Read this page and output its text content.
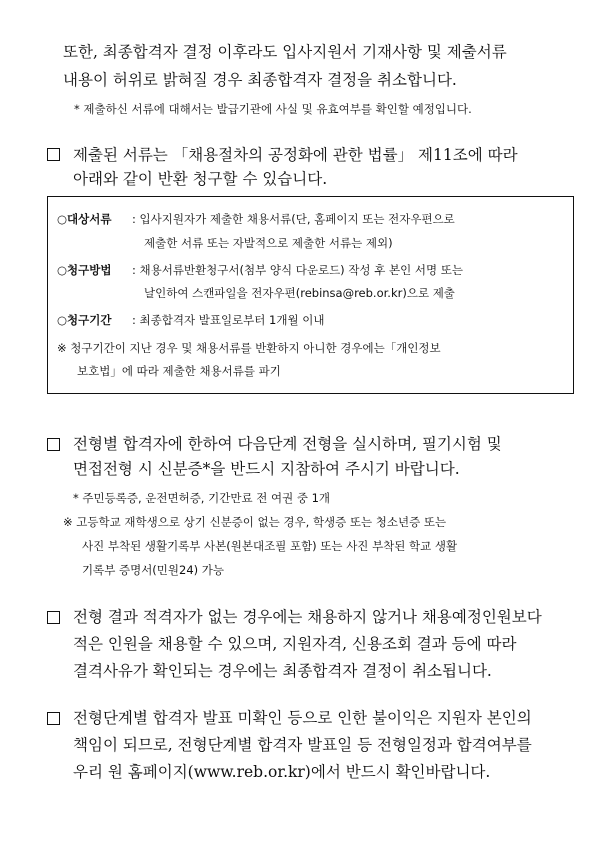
또한, 최종합격자 결정 이후라도 입사지원서 기재사항 및 제출서류
내용이 허위로 밝혀질 경우 최종합격자 결정을 취소합니다.
* 제출하신 서류에 대해서는 발급기관에 사실 및 유효여부를 확인할 예정입니다.
제출된 서류는 「채용절차의 공정화에 관한 법률」 제11조에 따라
아래와 같이 반환 청구할 수 있습니다.
○대상서류 : 입사지원자가 제출한 채용서류(단, 홈페이지 또는 전자우편으로
제출한 서류 또는 자발적으로 제출한 서류는 제외)
○청구방법 : 채용서류반환청구서(첨부 양식 다운로드) 작성 후 본인 서명 또는
날인하여 스캔파일을 전자우편(rebinsa@reb.or.kr)으로 제출
○청구기간 : 최종합격자 발표일로부터 1개월 이내
※ 청구기간이 지난 경우 및 채용서류를 반환하지 아니한 경우에는「개인정보
보호법」에 따라 제출한 채용서류를 파기
전형별 합격자에 한하여 다음단계 전형을 실시하며, 필기시험 및
면접전형 시 신분증*을 반드시 지참하여 주시기 바랍니다.
* 주민등록증, 운전면허증, 기간만료 전 여권 중 1개
※ 고등학교 재학생으로 상기 신분증이 없는 경우, 학생증 또는 청소년증 또는
사진 부착된 생활기록부 사본(원본대조필 포함) 또는 사진 부착된 학교 생활
기록부 증명서(민원24) 가능
전형 결과 적격자가 없는 경우에는 채용하지 않거나 채용예정인원보다
적은 인원을 채용할 수 있으며, 지원자격, 신용조회 결과 등에 따라
결격사유가 확인되는 경우에는 최종합격자 결정이 취소됩니다.
전형단계별 합격자 발표 미확인 등으로 인한 불이익은 지원자 본인의
책임이 되므로, 전형단계별 합격자 발표일 등 전형일정과 합격여부를
우리 원 홈페이지(www.reb.or.kr)에서 반드시 확인바랍니다.
